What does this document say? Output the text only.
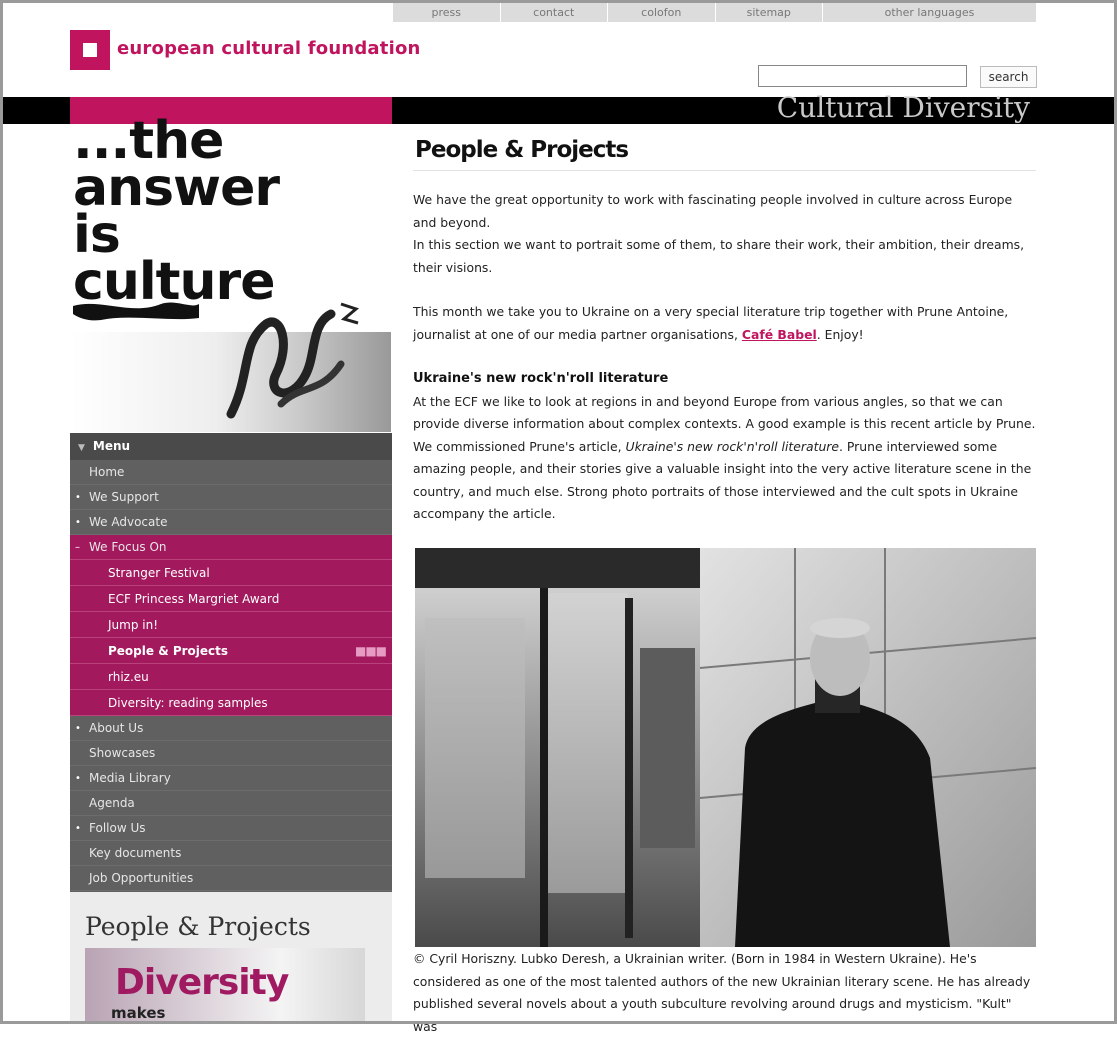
press	contact	colofon	sitemap	other languages
european cultural foundation
search
Cultural Diversity
...the
answer
is
culture
▼ Menu
Home
• We Support
• We Advocate
– We Focus On
Stranger Festival
ECF Princess Margriet Award
Jump in!
People & Projects	■■■
rhiz.eu
Diversity: reading samples
• About Us
Showcases
• Media Library
Agenda
• Follow Us
Key documents
Job Opportunities
People & Projects
Diversity
makes
People & Projects
We have the great opportunity to work with fascinating people involved in culture across Europe and beyond.
In this section we want to portrait some of them, to share their work, their ambition, their dreams, their visions.
This month we take you to Ukraine on a very special literature trip together with Prune Antoine, journalist at one of our media partner organisations, Café Babel. Enjoy!
Ukraine's new rock'n'roll literature
At the ECF we like to look at regions in and beyond Europe from various angles, so that we can provide diverse information about complex contexts. A good example is this recent article by Prune. We commissioned Prune's article, Ukraine's new rock'n'roll literature. Prune interviewed some amazing people, and their stories give a valuable insight into the very active literature scene in the country, and much else. Strong photo portraits of those interviewed and the cult spots in Ukraine accompany the article.
© Cyril Horiszny. Lubko Deresh, a Ukrainian writer. (Born in 1984 in Western Ukraine). He's considered as one of the most talented authors of the new Ukrainian literary scene. He has already published several novels about a youth subculture revolving around drugs and mysticism. "Kult" was
